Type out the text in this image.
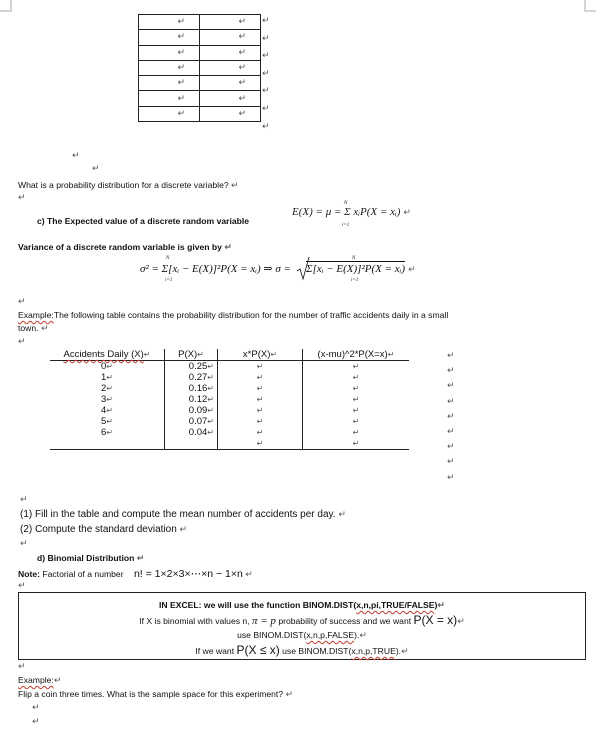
↵	↵
↵	↵
↵	↵
↵	↵
↵	↵
↵	↵
↵	↵
↵
↵
↵
↵
↵
↵
↵
↵
↵
What is a probability distribution for a discrete variable? ↵
↵
c) The Expected value of a discrete random variable
E(X) = μ = Σ xᵢP(X = xᵢ) ↵
N
i=1
Variance of a discrete random variable is given by ↵
σ² = Σ[xᵢ − E(X)]²P(X = xᵢ) ⇒ σ = Σ[xᵢ − E(X)]²P(X = xᵢ) ↵
N
i=1
N
i=1
↵
Example:The following table contains the probability distribution for the number of traffic accidents daily in a small
town. ↵
↵
Accidents Daily (X)↵	P(X)↵	x*P(X)↵	(x-mu)^2*P(X=x)↵
0↵	0.25↵	↵	↵
1↵	0.27↵	↵	↵
2↵	0.16↵	↵	↵
3↵	0.12↵	↵	↵
4↵	0.09↵	↵	↵
5↵	0.07↵	↵	↵
6↵	0.04↵	↵	↵
		↵	↵
↵
↵
↵
↵
↵
↵
↵
↵
↵
↵
(1) Fill in the table and compute the mean number of accidents per day. ↵
(2) Compute the standard deviation ↵
↵
d) Binomial Distribution ↵
Note: Factorial of a number n! = 1×2×3×⋯×n − 1×n ↵
↵
IN EXCEL: we will use the function BINOM.DIST(x,n,pi,TRUE/FALSE)↵
If X is binomial with values n, π = p probability of success and we want P(X = x)↵
use BINOM.DIST(x,n,p,FALSE).↵
If we want P(X ≤ x) use BINOM.DIST(x,n,p,TRUE).↵
↵
Example:↵
Flip a coin three times. What is the sample space for this experiment? ↵
↵
↵
